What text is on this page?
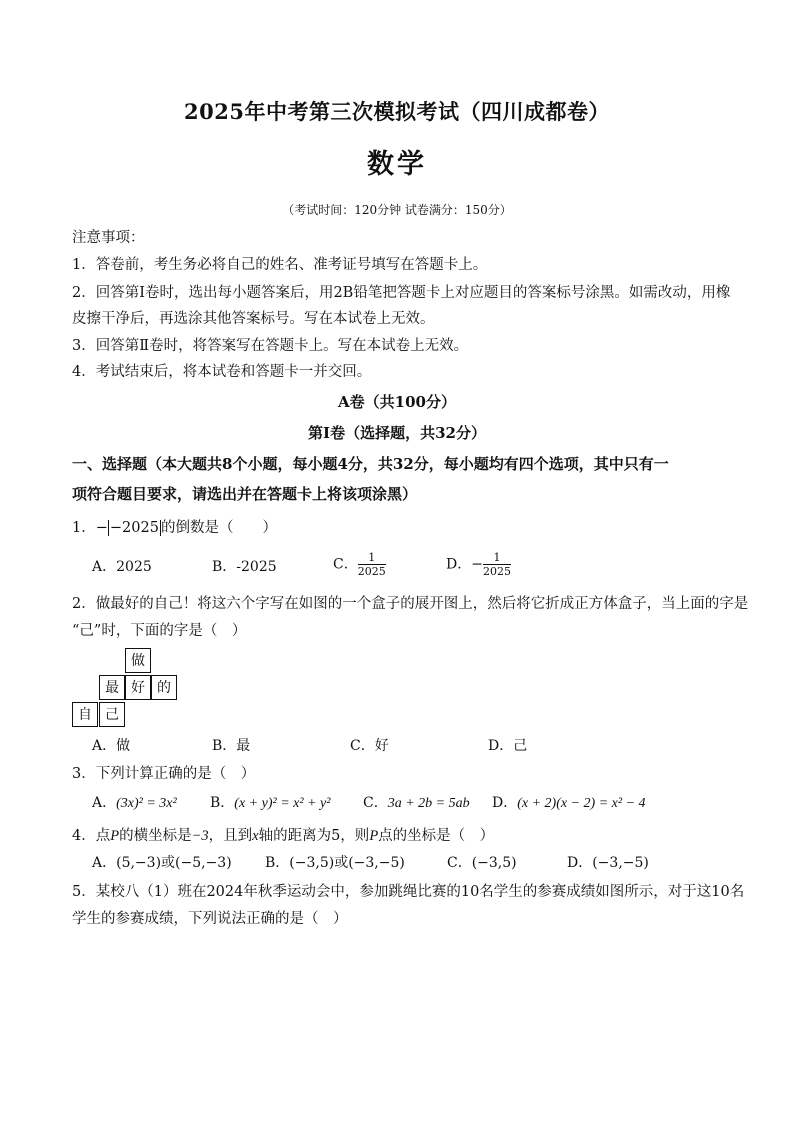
2025年中考第三次模拟考试（四川成都卷）
数学
（考试时间：120分钟 试卷满分：150分）
注意事项：
1．答卷前，考生务必将自己的姓名、准考证号填写在答题卡上。
2．回答第Ⅰ卷时，选出每小题答案后，用2B铅笔把答题卡上对应题目的答案标号涂黑。如需改动，用橡
皮擦干净后，再选涂其他答案标号。写在本试卷上无效。
3．回答第Ⅱ卷时，将答案写在答题卡上。写在本试卷上无效。
4．考试结束后，将本试卷和答题卡一并交回。
A卷（共100分）
第Ⅰ卷（选择题，共32分）
一、选择题（本大题共8个小题，每小题4分，共32分，每小题均有四个选项，其中只有一
项符合题目要求，请选出并在答题卡上将该项涂黑）
1．− −2025 的倒数是（　　）
A．2025	B．-2025	C． $\frac{1}{2025}$	D．− $\frac{1}{2025}$
2．做最好的自己！将这六个字写在如图的一个盒子的展开图上，然后将它折成正方体盒子，当上面的字是
“己”时，下面的字是（　）
做
最 好 的
自 己
A．做	B．最	C．好	D．己
3．下列计算正确的是（　）
A．(3x)² = 3x² B．(x + y)² = x² + y² C．3a + 2b = 5ab D．(x + 2)(x − 2) = x² − 4
4．点P的横坐标是−3，且到x轴的距离为5，则P点的坐标是（　）
A．(5,−3)或(−5,−3) B．(−3,5)或(−3,−5)	C．(−3,5)	D．(−3,−5)
5．某校八（1）班在2024年秋季运动会中，参加跳绳比赛的10名学生的参赛成绩如图所示，对于这10名
学生的参赛成绩，下列说法正确的是（　）
